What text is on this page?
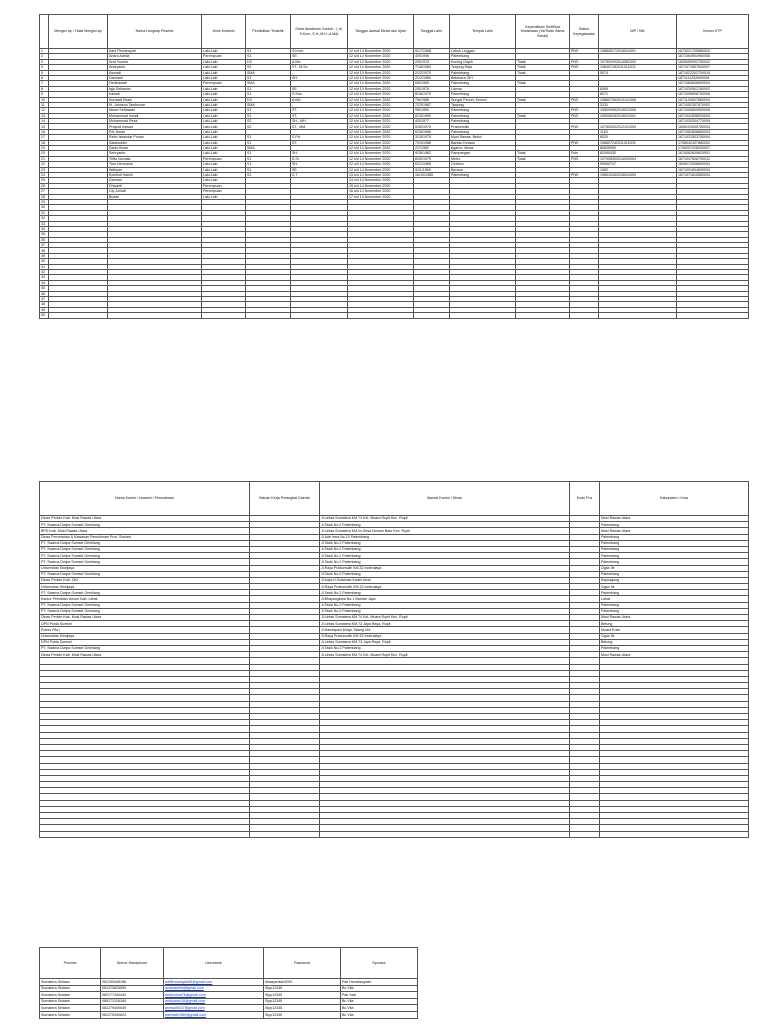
	Mengisi ap / Tidak Mengisi ap	Nama Lengkap Peserta	Jenis Kelamin	Pendidikan Terakhir	Gelar Akademis Contoh : ( dr, S.Kom.,S.H.,M.H.,A.Md)	Tanggal Jadwal Diklat dan Ujian	Tanggal Lahir	Tempat Lahir	Kepemilikan Sertifikat Kesiswaan (Ya/Tidak Sama Sekali)	Status Kepegawaian	NIP / NIK	Nomor KTP
1		Aaril Firmansyah	Laki-Laki	S1	S.Kom.	12 s/d 14 November 2020	5/17/1988	Lubuk Linggau		PNS	198805172016041001	1673021705880002
2		Anara Adelia	Perempuan	S1	SE.	12 s/d 14 November 2020	4/9/1996	Palembang				1671064904960006
3		Andi Nurnia	Laki-Laki	D3	A.Md.	12 s/d 14 November 2020	2/9/1975	Kuning Gajah	Tidak	PNS	197502092014081002	1605050902750002
4		Andryanto	Laki-Laki	S2	ST., M.Sc.	12 s/d 14 November 2020	7/18/1984	Tanjung Raja	Tidak	PNS	198407182011011002	1671071807840007
5		Asmadi	Laki-Laki	SMA	-	12 s/d 14 November 2020	2/22/1970	Palembang	Tidak		5074	1671022202700015
6		Darmadi	Laki-Laki	S1	SH.	12 s/d 14 November 2020	2/12/1980	Batubara OKI				1671111202800008
7		Herlinawati	Perempuan	SMA		12 s/d 14 November 2020	6/6/1969	Palembang	Tidak			1671084606690004
8		Iqja Setiawan	Laki-Laki	S1	SE.	12 s/d 14 November 2020	2/5/1976	Lianna			8069	1671030502760002
9		Irawati	Laki-Laki	S1	S.Sos.	12 s/d 14 November 2020	8/16/1970	Palembang			8071	1671095608700006
10		Kurniadi Ilham	Laki-Laki	D3	A.Md.	12 s/d 14 November 2020	7/6/1986	Sungai Penuh, Kerinci	Tidak	PNS	198607062010121006	1671100607860004
11		M. Johnson Tambunan	Laki-Laki	SMA	-	12 s/d 14 November 2020	7/23/1967	Tanjung			3131	1671052307670002
12		Mezzi Seftiawan	Laki-Laki	S1	ST.	12 s/d 14 November 2020	9/6/1990	Palembang		PNS	199009062019021006	1671050609900005
13		Muhammad Ismail	Laki-Laki	S1	ST.	12 s/d 14 November 2020	8/15/1990	Palembang	Tidak	PNS	199008152015031001	1671041508920003
14		Muhammad Reza	Laki-Laki	S2	SH., MH.	12 s/d 14 November 2020	4/3/1977	Palembang				1671030304770009
15		Prayudi Irawan	Laki-Laki	S2	ST., MM.	12 s/d 14 November 2020	5/30/1975	Prabumulih		PNS	197505302012121003	1608103005750004
16		RA. Aman	Laki-Laki			12 s/d 14 November 2020	6/18/1986	Palembang			1163	1671081806860003
17		Rebo Iskandar Pohan	Laki-Laki	S1	S.Pd.	12 s/d 14 November 2020	3/15/1975	Musi Rawas, Bekol			8020	1671031503750004
18		Salahuddin	Laki-Laki	S1	ST.	12 s/d 14 November 2020	7/24/1988	Bantau Kedaro		PNS	198807242011011005	1708042407880002
19		Santo Butar	Laki-Laki	SMA		12 s/d 14 November 2020	2/7/1982	Agamo, Muda			80835990	1708207028200007
20		Sehryanto	Laki-Laki	S1	SH.	12 s/d 14 November 2020	9/26/1982	Pampangan	Tidak	Polri	82090430	1674062609820001
21		Tritta Nomala	Perempuan	S1	S.Si.	12 s/d 14 November 2020	8/30/1979	Metro	Tidak	PNS	197908302014092004	1671047608790012
22		Tuto Hermanto	Laki-Laki	S1	SH.	12 s/d 14 November 2020	6/21/1965	Cirebon			95060747	1606072006650003
23		Wahyan	Laki-Laki	S1	SE.	12 s/d 14 November 2020	4/11/1969	Benson			1082	1671091604690000
24		Kohiliuti Hakim	Laki-Laki	S1	S.T	13 s/d 14 November 2020	16/10/1985	Palembang		PNS	198510162015041003	1671071610850004
25		Darman	Laki-Laki			14 s/d 14 November 2020						
26		Dhiyanti	Perempuan			15 s/d 14 November 2020						
27		Lily Juniati	Perempuan			16 s/d 14 November 2020						
28		Busari	Laki-Laki			17 s/d 14 November 2020						
29												
30												
31												
32												
33												
34												
35												
36												
37												
38												
39												
40												
41												
42												
43												
44												
45												
46												
47												
48												
49												
50												
Nama Kantor / Instansi / Perusahaan	Satuan Kerja Perangkat Daerah	Alamat Kantor / Dinas	Kode Pos	Kabupaten / Kota
Dinas Perkim Kab. Musi Rawas Utara		Jl.Lintas Sumatera KM.74 Kel. Muara Rupit Kec. Rupit		Musi Rawas Utara
PT. Swarna Dwipa Sumsel Gemilang		Jl.Tasik No.2 Palembang		Palembang
BPD Kab. Musi Rawas Utara		Jl.Lintas Sumatera KM.xx Desa Noman Baru Kec. Rupit		Musi Rawas Utara
Dinas Perumahan & Kawasan Pemukiman Prov. Sumsel		Jl.Ade Irma No.10 Palembang		Palembang
PT. Swarna Dwipa Sumsel Gemilang		Jl.Tasik No.2 Palembang		Palembang
PT. Swarna Dwipa Sumsel Gemilang		Jl.Tasik No.2 Palembang		Palembang
PT. Swarna Dwipa Sumsel Gemilang		Jl.Tasik No.2 Palembang		Palembang
PT. Swarna Dwipa Sumsel Gemilang		Jl.Tasik No.2 Palembang		Palembang
Universitas Sriwijaya		Jl.Raya Prabumulih KM.32 Inderalaya		Ogan Ilir
PT. Swarna Dwipa Sumsel Gemilang		Jl.Tasik No.2 Palembang		Palembang
Dinas Perkim Kab. OKI		Jl.Kapt.H.Sulaiman Kader Amin		Kayuagung
Universitas Sriwijaya		Jl.Raya Prabumulih KM.32 Inderalaya		Ogan Ilir
PT. Swarna Dwipa Sumsel Gemilang		Jl.Tasik No.2 Palembang		Palembang
Kantor Pemdilan Umum Kab. Lahat		Jl.Bhayangkara No.1 Bandar Jaya		Lahat
PT. Swarna Dwipa Sumsel Gemilang		Jl.Tasik No.2 Palembang		Palembang
PT. Swarna Dwipa Sumsel Gemilang		Jl.Tasik No.2 Palembang		Palembang
Dinas Perkim Kab. Musi Rawas Utara		Jl.Lintas Sumatera KM.74 Kel. Muara Rupit Kec. Rupit		Musi Rawas Utara
DPN Polda Sumsel		Jl.Lintas Sumatera KM.73 Jaya Raya, Rupit		Betung
Polres PALI		Jl.Handayani Mulyo Talang Ubi		Muara Enim
Universitas Sriwijaya		Jl.Raya Prabumulih KM.32 Inderalaya		Ogan Ilir
DPN Polda Sumsel		Jl.Lintas Sumatera KM.73 Jaya Raya, Rupit		Betung
PT. Swarna Dwipa Sumsel Gemilang		Jl.Tasik No.2 Palembang		Palembang
Dinas Perkim Kab. Musi Rawas Utara		Jl.Lintas Sumatera KM.74 Kel. Muara Rupit Kec. Rupit		Musi Rawas Utara

Provinsi	Nomor Handphone	Username	Password	Sponsor
Sumatera Selatan	081290446188	adiffirmansyah88@gmail.com	dinasperkim2020	Pak Hendrianysah
Sumatera Selatan	081373826559	anaraadelia@gmail.com	Sipp12345	Bu Vita
Sumatera Selatan	082177440440	andinurnia76@gmail.com	Sipp12345	Pak Yadi
Sumatera Selatan	085171316184	andryanto18@gmail.com	Sipp12345	Bu Vita
Sumatera Selatan	081279400049	asmadi0037@gmail.com	Sipp12345	Bu Vita
Sumatera Selatan	081275340624	darmadi1980@gmail.com	Sipp12345	Bu Vita
